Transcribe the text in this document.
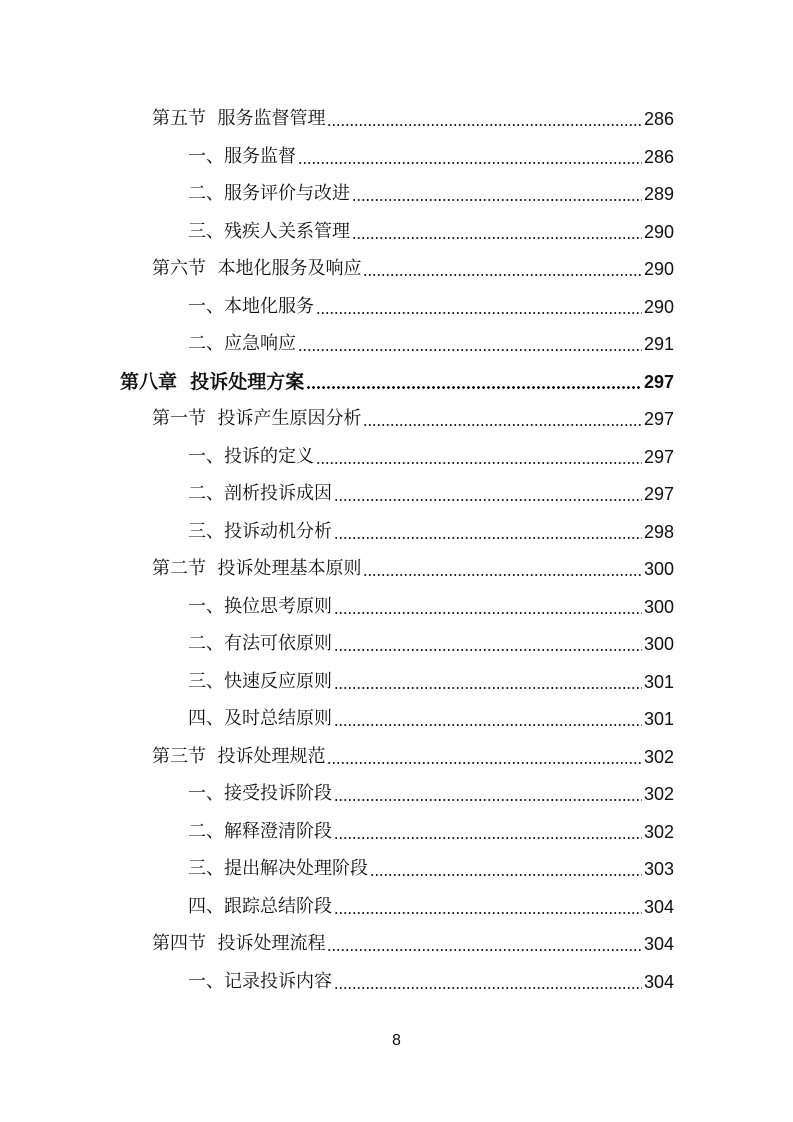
第五节  服务监督管理	286
一、服务监督	286
二、服务评价与改进	289
三、残疾人关系管理	290
第六节  本地化服务及响应	290
一、本地化服务	290
二、应急响应	291
第八章  投诉处理方案	297
第一节  投诉产生原因分析	297
一、投诉的定义	297
二、剖析投诉成因	297
三、投诉动机分析	298
第二节  投诉处理基本原则	300
一、换位思考原则	300
二、有法可依原则	300
三、快速反应原则	301
四、及时总结原则	301
第三节  投诉处理规范	302
一、接受投诉阶段	302
二、解释澄清阶段	302
三、提出解决处理阶段	303
四、跟踪总结阶段	304
第四节  投诉处理流程	304
一、记录投诉内容	304
8
